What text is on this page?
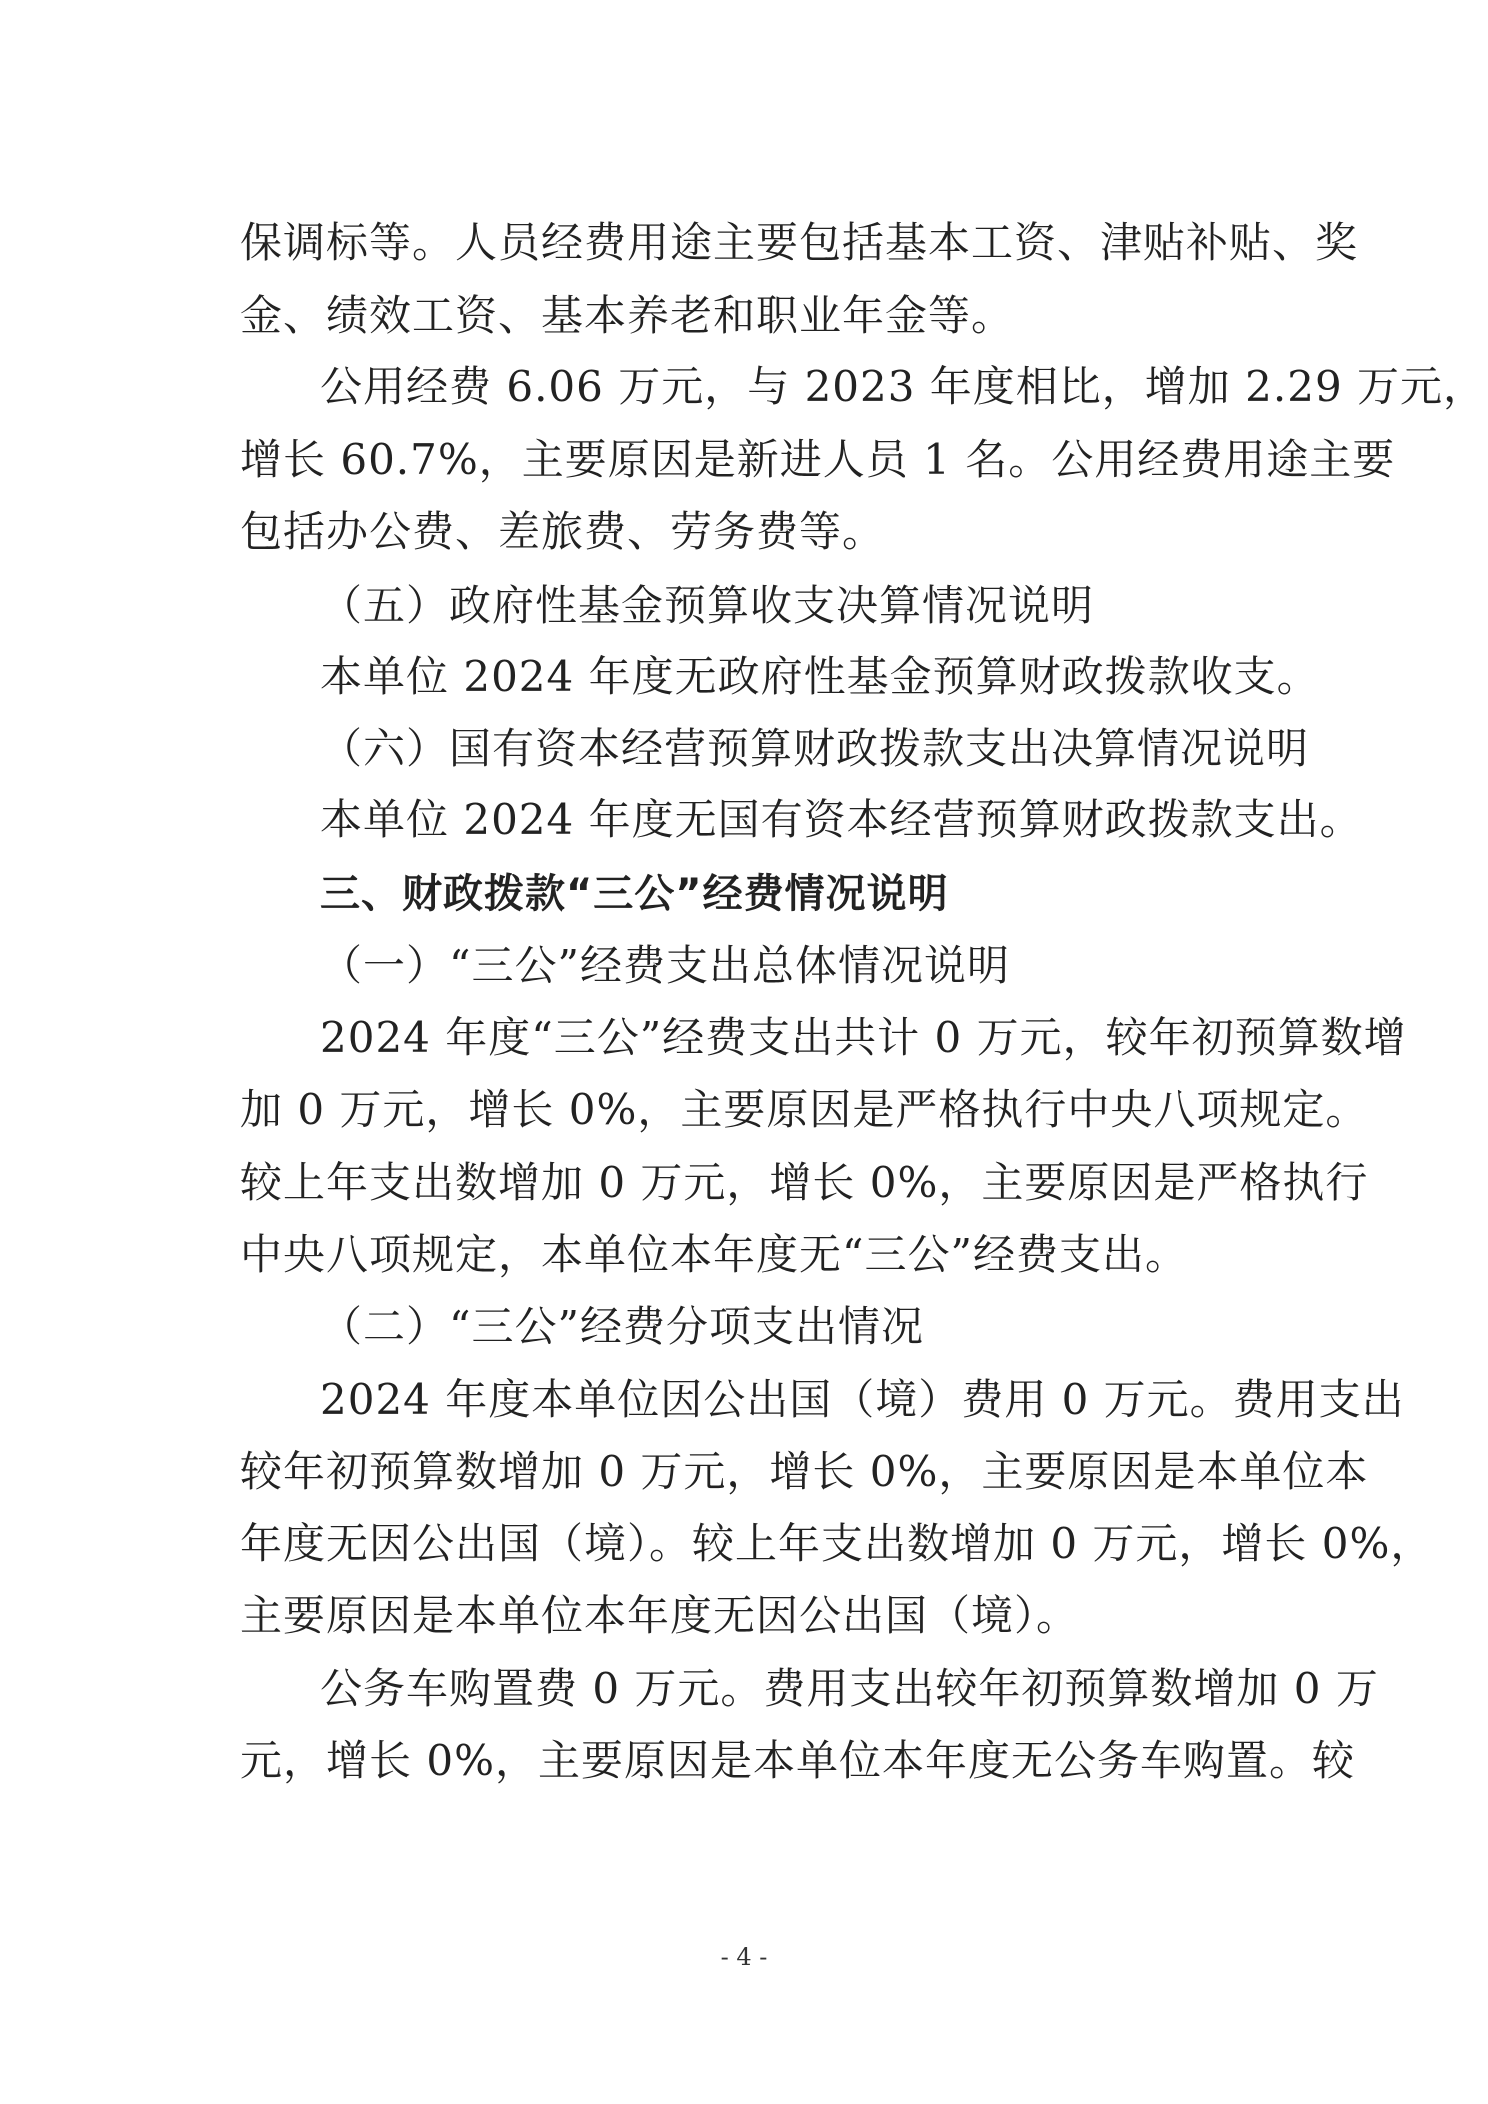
保调标等。人员经费用途主要包括基本工资、津贴补贴、奖
金、绩效工资、基本养老和职业年金等。
公用经费 6.06 万元，与 2023 年度相比，增加 2.29 万元，
增长 60.7%，主要原因是新进人员 1 名。公用经费用途主要
包括办公费、差旅费、劳务费等。
（五）政府性基金预算收支决算情况说明
本单位 2024 年度无政府性基金预算财政拨款收支。
（六）国有资本经营预算财政拨款支出决算情况说明
本单位 2024 年度无国有资本经营预算财政拨款支出。
三、财政拨款“三公”经费情况说明
（一）“三公”经费支出总体情况说明
2024 年度“三公”经费支出共计 0 万元，较年初预算数增
加 0 万元，增长 0%，主要原因是严格执行中央八项规定。
较上年支出数增加 0 万元，增长 0%，主要原因是严格执行
中央八项规定，本单位本年度无“三公”经费支出。
（二）“三公”经费分项支出情况
2024 年度本单位因公出国（境）费用 0 万元。费用支出
较年初预算数增加 0 万元，增长 0%，主要原因是本单位本
年度无因公出国（境）。较上年支出数增加 0 万元，增长 0%，
主要原因是本单位本年度无因公出国（境）。
公务车购置费 0 万元。费用支出较年初预算数增加 0 万
元，增长 0%，主要原因是本单位本年度无公务车购置。较
- 4 -
